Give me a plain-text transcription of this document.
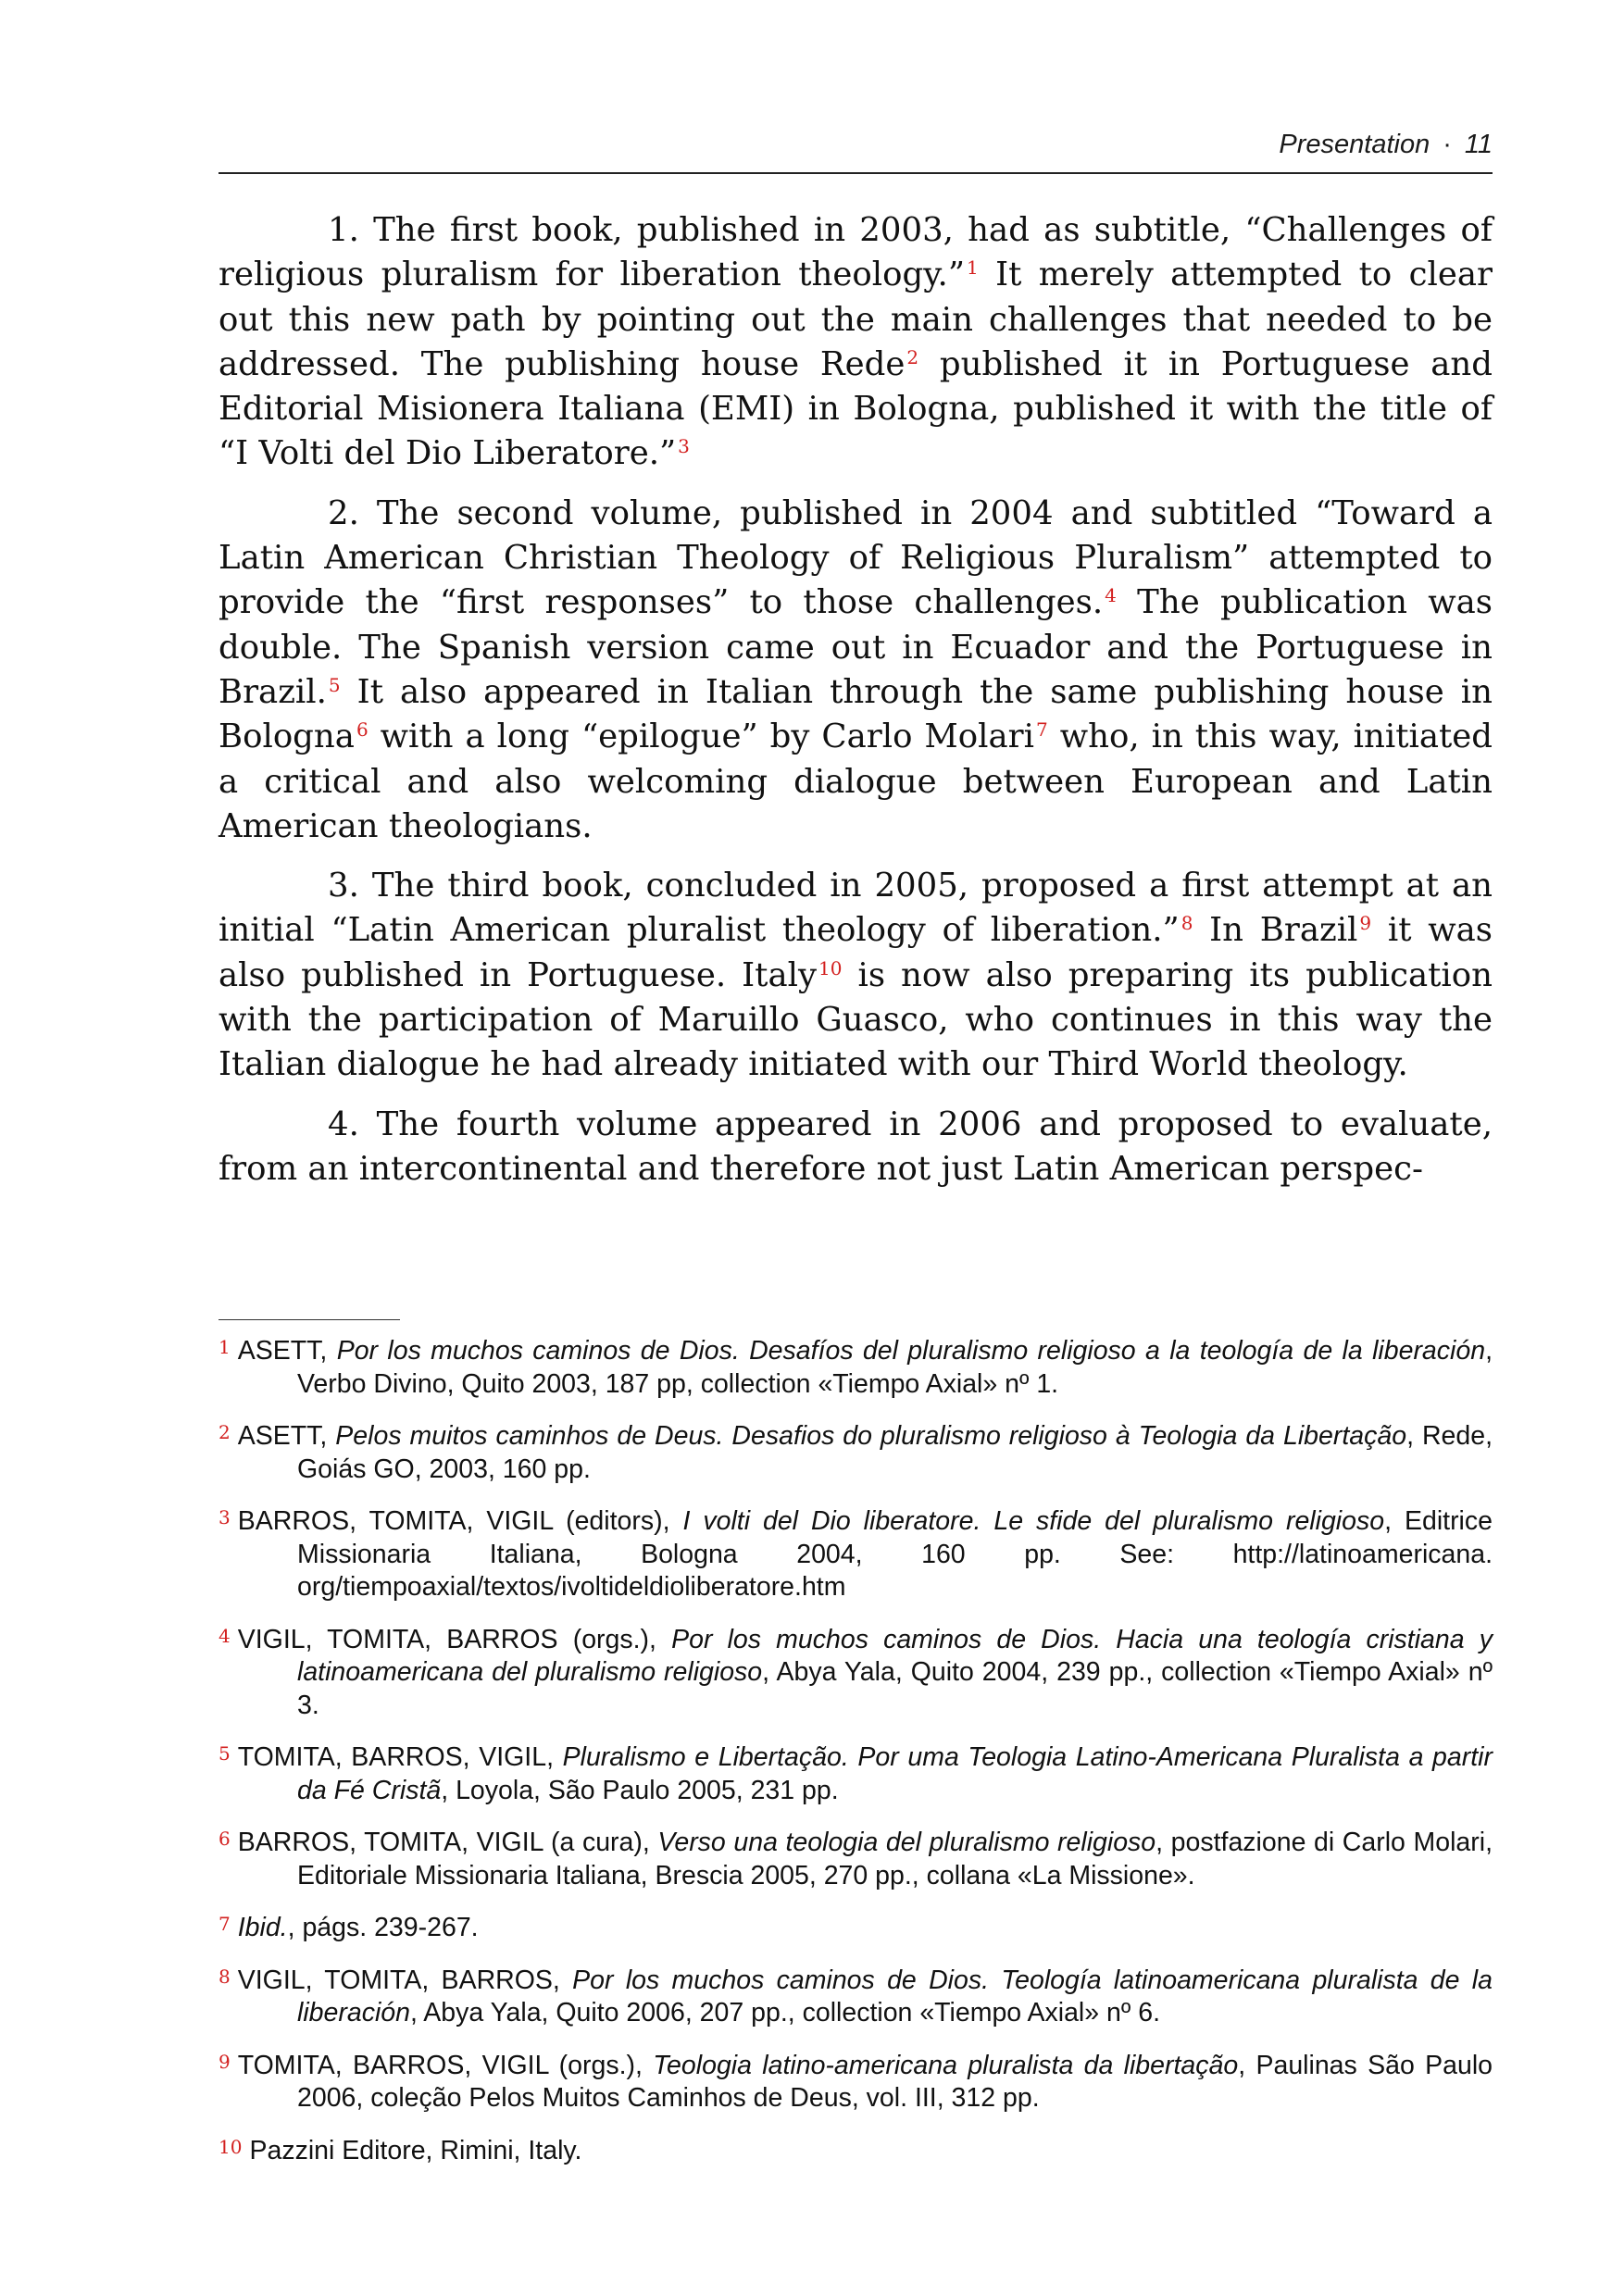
Presentation · 11

1. The first book, published in 2003, had as subtitle, “Challenges of religious pluralism for liberation theology.” $^1$ It merely attempted to clear out this new path by pointing out the main challenges that needed to be addressed. The publishing house Rede $^2$ published it in Portuguese and Editorial Misionera Italiana (EMI) in Bologna, published it with the title of “I Volti del Dio Liberatore.” $^3$

2. The second volume, published in 2004 and subtitled “Toward a Latin American Christian Theology of Religious Pluralism” attempted to provide the “first responses” to those challenges. $^4$ The publication was double. The Spanish version came out in Ecuador and the Portuguese in Brazil. $^5$ It also appeared in Italian through the same publishing house in Bologna $^6$ with a long “epilogue” by Carlo Molari $^7$ who, in this way, initiated a critical and also welcoming dialogue between European and Latin American theologians.

3. The third book, concluded in 2005, proposed a first attempt at an initial “Latin American pluralist theology of liberation.” $^8$ In Brazil $^9$ it was also published in Portuguese. Italy $^{10}$ is now also preparing its publication with the participation of Maruillo Guasco, who continues in this way the Italian dialogue he had already initiated with our Third World theology.

4. The fourth volume appeared in 2006 and proposed to evaluate, from an intercontinental and therefore not just Latin American perspec-

1 ASETT, Por los muchos caminos de Dios. Desafíos del pluralismo religioso a la teología de la liberación, Verbo Divino, Quito 2003, 187 pp, collection «Tiempo Axial» nº 1.
2 ASETT, Pelos muitos caminhos de Deus. Desafios do pluralismo religioso à Teologia da Libertação, Rede, Goiás GO, 2003, 160 pp.
3 BARROS, TOMITA, VIGIL (editors), I volti del Dio liberatore. Le sfide del pluralismo religioso, Editrice Missionaria Italiana, Bologna 2004, 160 pp. See: http://latinoamericana.​org/tiempoaxial/textos/ivoltideldioliberatore.htm
4 VIGIL, TOMITA, BARROS (orgs.), Por los muchos caminos de Dios. Hacia una teología cristiana y latinoamericana del pluralismo religioso, Abya Yala, Quito 2004, 239 pp., collection «Tiempo Axial» nº 3.
5 TOMITA, BARROS, VIGIL, Pluralismo e Libertação. Por uma Teologia Latino-Americana Pluralista a partir da Fé Cristã, Loyola, São Paulo 2005, 231 pp.
6 BARROS, TOMITA, VIGIL (a cura), Verso una teologia del pluralismo religioso, postfazione di Carlo Molari, Editoriale Missionaria Italiana, Brescia 2005, 270 pp., collana «La Missione».
7 Ibid., págs. 239-267.
8 VIGIL, TOMITA, BARROS, Por los muchos caminos de Dios. Teología latinoamericana pluralista de la liberación, Abya Yala, Quito 2006, 207 pp., collection «Tiempo Axial» nº 6.
9 TOMITA, BARROS, VIGIL (orgs.), Teologia latino-americana pluralista da libertação, Paulinas São Paulo 2006, coleção Pelos Muitos Caminhos de Deus, vol. III, 312 pp.
10 Pazzini Editore, Rimini, Italy.
